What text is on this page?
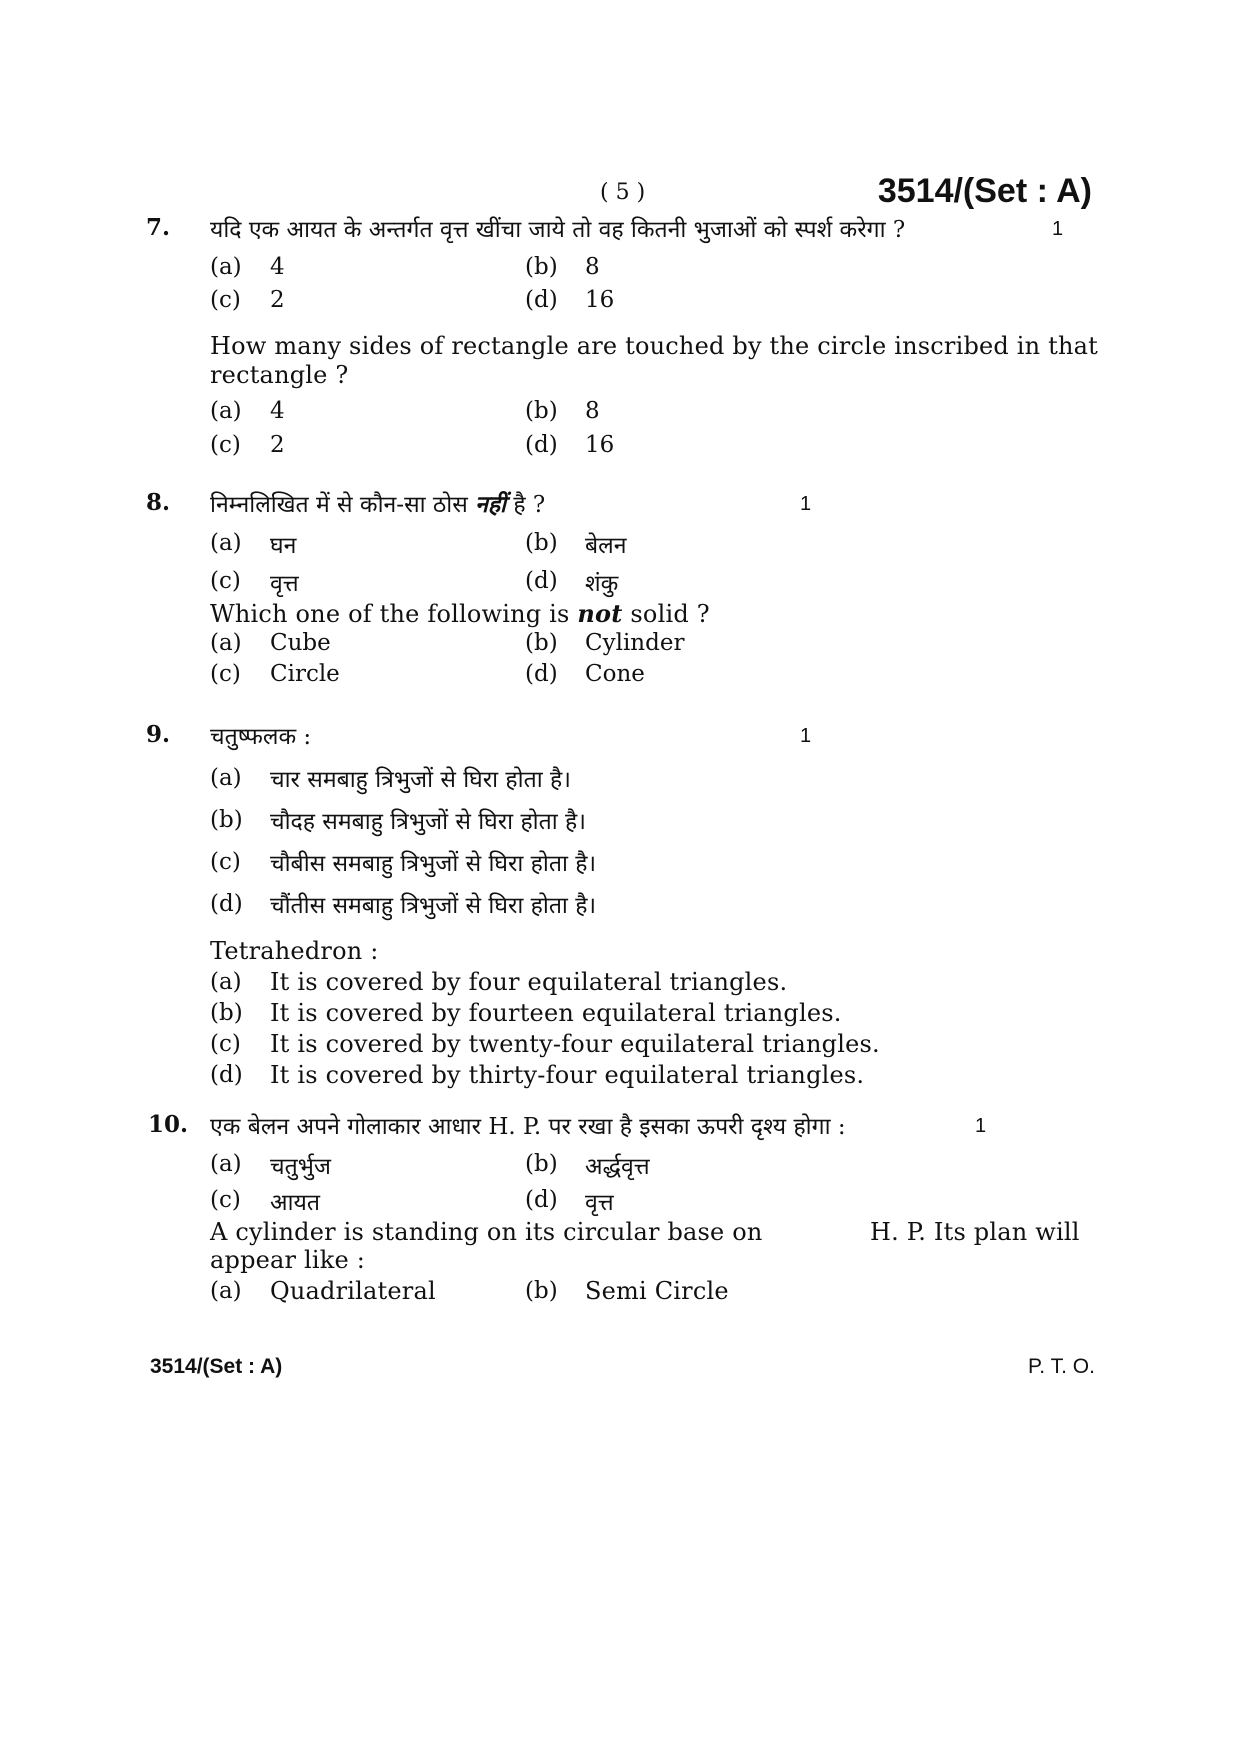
( 5 )	3514/(Set : A)
7. यदि एक आयत के अन्तर्गत वृत्त खींचा जाये तो वह कितनी भुजाओं को स्पर्श करेगा ?	1
(a) 4	(b) 8
(c) 2	(d) 16
How many sides of rectangle are touched by the circle inscribed in that
rectangle ?
(a) 4	(b) 8
(c) 2	(d) 16
8. निम्नलिखित में से कौन-सा ठोस नहीं है ?	1
(a) घन	(b) बेलन
(c) वृत्त	(d) शंकु
Which one of the following is not solid ?
(a) Cube	(b) Cylinder
(c) Circle	(d) Cone
9. चतुष्फलक :	1
(a) चार समबाहु त्रिभुजों से घिरा होता है।
(b) चौदह समबाहु त्रिभुजों से घिरा होता है।
(c) चौबीस समबाहु त्रिभुजों से घिरा होता है।
(d) चौंतीस समबाहु त्रिभुजों से घिरा होता है।
Tetrahedron :
(a) It is covered by four equilateral triangles.
(b) It is covered by fourteen equilateral triangles.
(c) It is covered by twenty-four equilateral triangles.
(d) It is covered by thirty-four equilateral triangles.
10. एक बेलन अपने गोलाकार आधार H. P. पर रखा है इसका ऊपरी दृश्य होगा :	1
(a) चतुर्भुज	(b) अर्द्धवृत्त
(c) आयत	(d) वृत्त
A cylinder is standing on its circular base on	H. P. Its plan will
appear like :
(a) Quadrilateral	(b) Semi Circle
3514/(Set : A)	P. T. O.
